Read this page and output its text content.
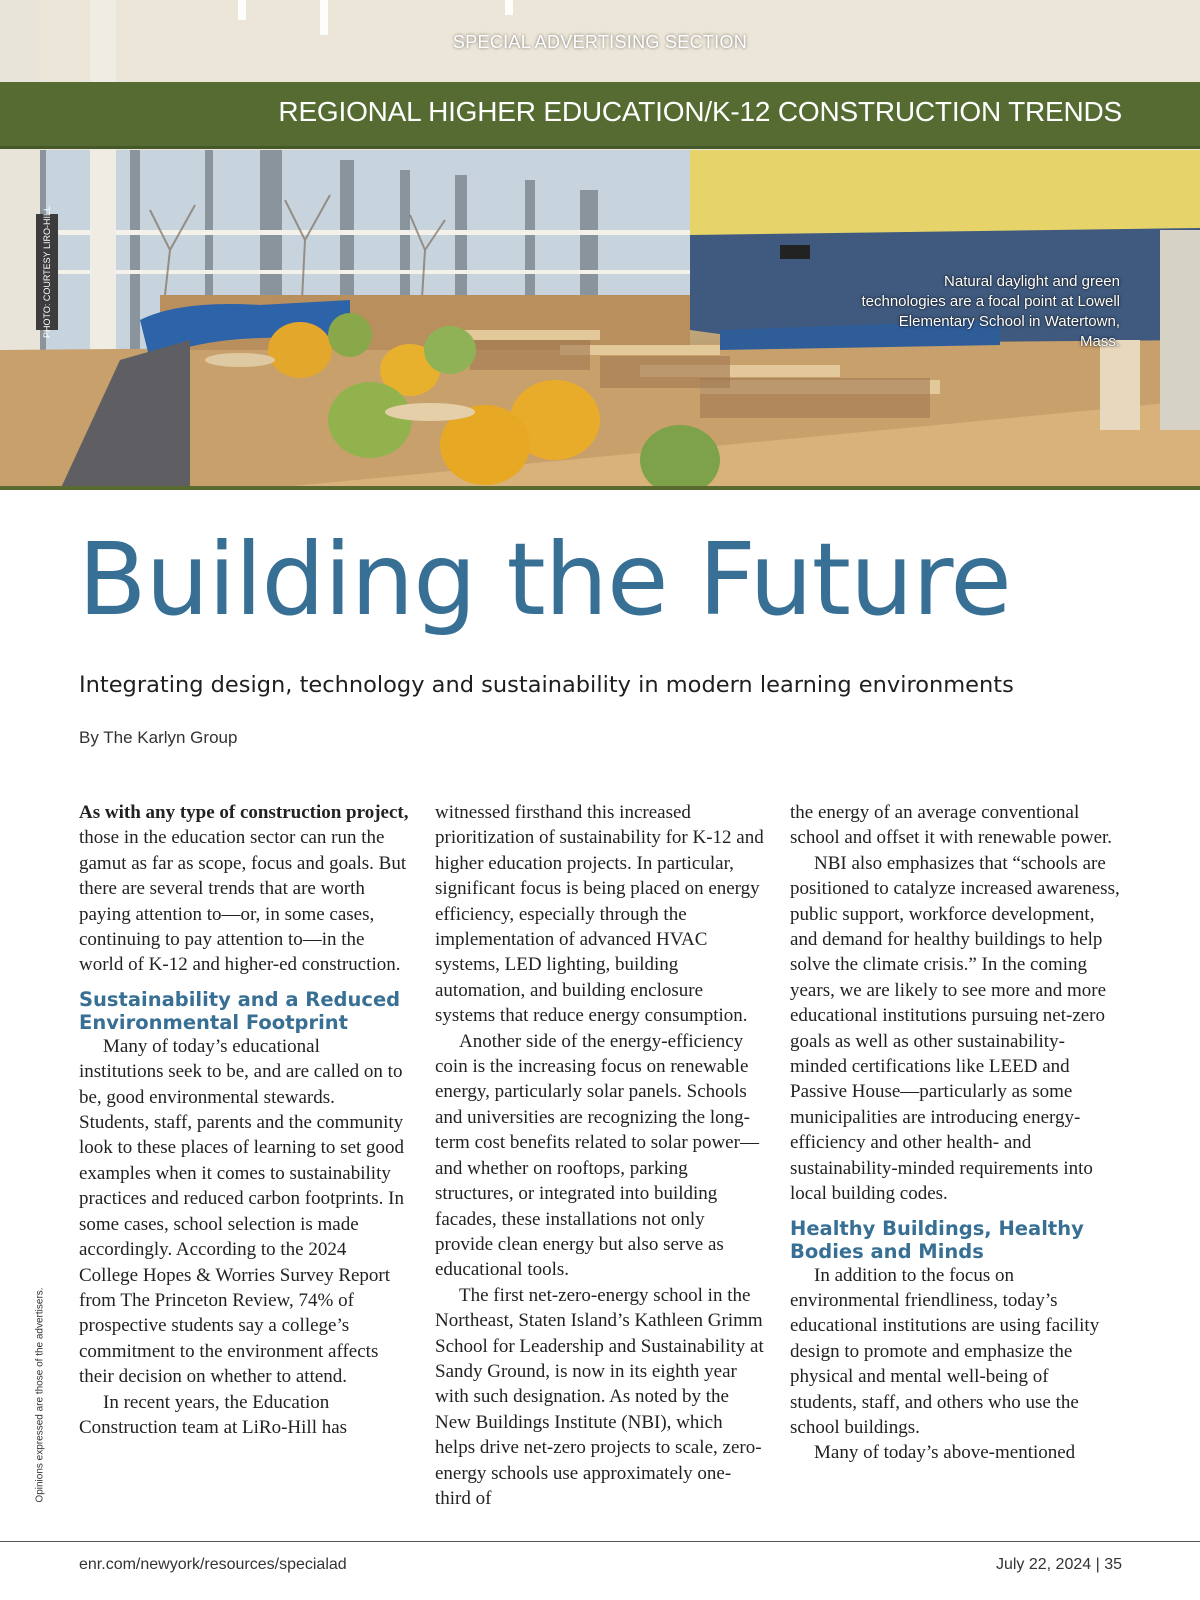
SPECIAL ADVERTISING SECTION
REGIONAL HIGHER EDUCATION/K-12 CONSTRUCTION TRENDS
PHOTO: COURTESY LIRO-HILL	Natural daylight and green technologies are a focal point at Lowell Elementary School in Watertown, Mass.
Building the Future
Integrating design, technology and sustainability in modern learning environments
By The Karlyn Group

As with any type of construction project, those in the education sector can run the gamut as far as scope, focus and goals. But there are several trends that are worth paying attention to—or, in some cases, continuing to pay attention to—in the world of K-12 and higher-ed construction.

Sustainability and a Reduced Environmental Footprint

Many of today’s educational institutions seek to be, and are called on to be, good environmental stewards. Students, staff, parents and the community look to these places of learning to set good examples when it comes to sustainability practices and reduced carbon footprints. In some cases, school selection is made accordingly. According to the 2024 College Hopes & Worries Survey Report from The Princeton Review, 74% of prospective students say a college’s commitment to the environment affects their decision on whether to attend.

In recent years, the Education Construction team at LiRo-Hill has

witnessed firsthand this increased prioritization of sustainability for K-12 and higher education projects. In particular, significant focus is being placed on energy efficiency, especially through the implementation of advanced HVAC systems, LED lighting, building automation, and building enclosure systems that reduce energy consumption.

Another side of the energy-efficiency coin is the increasing focus on renewable energy, particularly solar panels. Schools and universities are recognizing the long-term cost benefits related to solar power—and whether on rooftops, parking structures, or integrated into building facades, these installations not only provide clean energy but also serve as educational tools.

The first net-zero-energy school in the Northeast, Staten Island’s Kathleen Grimm School for Leadership and Sustainability at Sandy Ground, is now in its eighth year with such designation. As noted by the New Buildings Institute (NBI), which helps drive net-zero projects to scale, zero-energy schools use approximately one-third of

the energy of an average conventional school and offset it with renewable power.

NBI also emphasizes that “schools are positioned to catalyze increased awareness, public support, workforce development, and demand for healthy buildings to help solve the climate crisis.” In the coming years, we are likely to see more and more educational institutions pursuing net-zero goals as well as other sustainability-minded certifications like LEED and Passive House—particularly as some municipalities are introducing energy-efficiency and other health- and sustainability-minded requirements into local building codes.

Healthy Buildings, Healthy Bodies and Minds

In addition to the focus on environmental friendliness, today’s educational institutions are using facility design to promote and emphasize the physical and mental well-being of students, staff, and others who use the school buildings.

Many of today’s above-mentioned

Opinions expressed are those of the advertisers.
enr.com/newyork/resources/specialad	July 22, 2024 | 35
